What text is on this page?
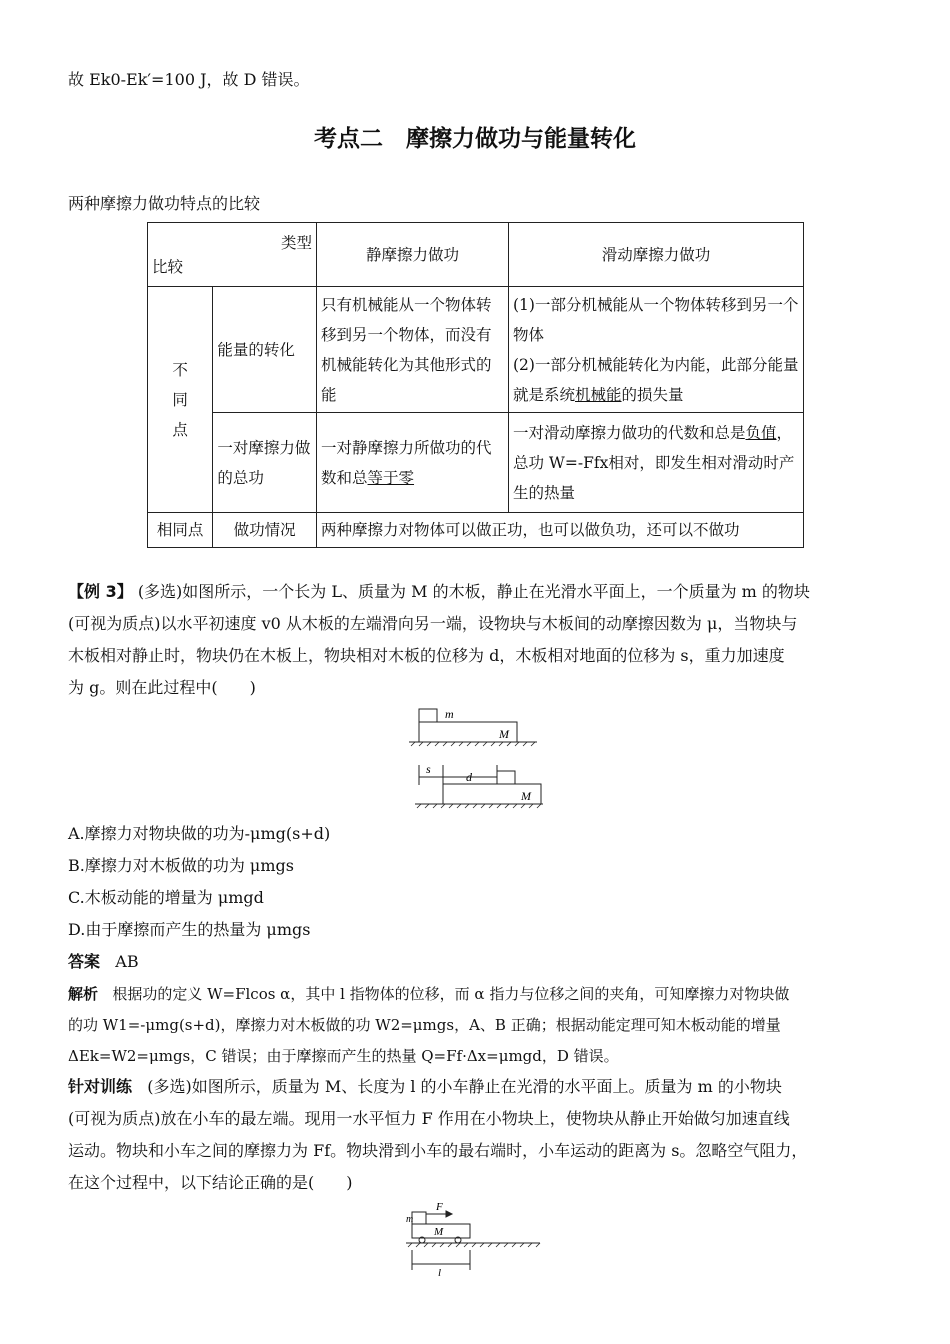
故 Ek0-Ek′=100 J，故 D 错误。
考点二　摩擦力做功与能量转化
两种摩擦力做功特点的比较
类型
比较		静摩擦力做功	滑动摩擦力做功

不同点	能量的转化	只有机械能从一个物体转移到另一个物体，而没有机械能转化为其他形式的能	(1)一部分机械能从一个物体转移到另一个物体
(2)一部分机械能转化为内能，此部分能量就是系统机械能的损失量

	一对摩擦力做的总功	一对静摩擦力所做功的代数和总等于零	一对滑动摩擦力做功的代数和总是负值，总功 W=-Ffx相对，即发生相对滑动时产生的热量
相同点	做功情况	两种摩擦力对物体可以做正功，也可以做负功，还可以不做功	
【例 3】 (多选)如图所示，一个长为 L、质量为 M 的木板，静止在光滑水平面上，一个质量为 m 的物块
(可视为质点)以水平初速度 v0 从木板的左端滑向另一端，设物块与木板间的动摩擦因数为 μ，当物块与
木板相对静止时，物块仍在木板上，物块相对木板的位移为 d，木板相对地面的位移为 s，重力加速度
为 g。则在此过程中(　　)
m
M
s
d
M
A.摩擦力对物块做的功为-μmg(s+d)
B.摩擦力对木板做的功为 μmgs
C.木板动能的增量为 μmgd
D.由于摩擦而产生的热量为 μmgs
答案 AB
解析 根据功的定义 W=Flcos α，其中 l 指物体的位移，而 α 指力与位移之间的夹角，可知摩擦力对物块做
的功 W1=-μmg(s+d)，摩擦力对木板做的功 W2=μmgs，A、B 正确；根据动能定理可知木板动能的增量
ΔEk=W2=μmgs，C 错误；由于摩擦而产生的热量 Q=Ff·Δx=μmgd，D 错误。
针对训练 (多选)如图所示，质量为 M、长度为 l 的小车静止在光滑的水平面上。质量为 m 的小物块
(可视为质点)放在小车的最左端。现用一水平恒力 F 作用在小物块上，使物块从静止开始做匀加速直线
运动。物块和小车之间的摩擦力为 Ff。物块滑到小车的最右端时，小车运动的距离为 s。忽略空气阻力，
在这个过程中，以下结论正确的是(　　)
F
m
M
l
